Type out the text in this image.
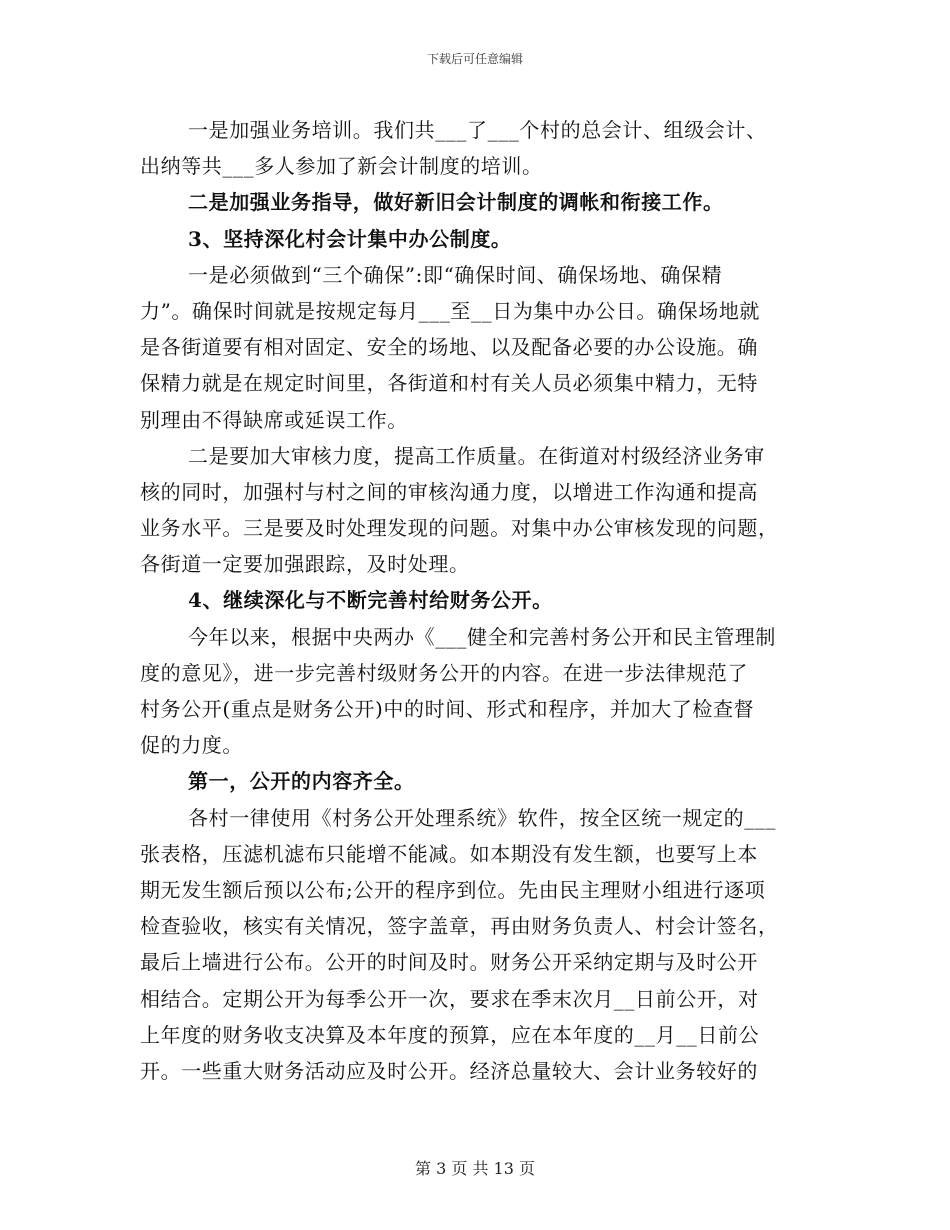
下载后可任意编辑
一是加强业务培训。我们共___了___个村的总会计、组级会计、
出纳等共___多人参加了新会计制度的培训。
二是加强业务指导，做好新旧会计制度的调帐和衔接工作。
3、坚持深化村会计集中办公制度。
一是必须做到“三个确保”:即“确保时间、确保场地、确保精
力”。确保时间就是按规定每月___至__日为集中办公日。确保场地就
是各街道要有相对固定、安全的场地、以及配备必要的办公设施。确
保精力就是在规定时间里，各街道和村有关人员必须集中精力，无特
别理由不得缺席或延误工作。
二是要加大审核力度，提高工作质量。在街道对村级经济业务审
核的同时，加强村与村之间的审核沟通力度，以增进工作沟通和提高
业务水平。三是要及时处理发现的问题。对集中办公审核发现的问题，
各街道一定要加强跟踪，及时处理。
4、继续深化与不断完善村给财务公开。
今年以来，根据中央两办《___健全和完善村务公开和民主管理制
度的意见》，进一步完善村级财务公开的内容。在进一步法律规范了
村务公开(重点是财务公开)中的时间、形式和程序，并加大了检查督
促的力度。
第一，公开的内容齐全。
各村一律使用《村务公开处理系统》软件，按全区统一规定的___
张表格，压滤机滤布只能增不能减。如本期没有发生额，也要写上本
期无发生额后预以公布;公开的程序到位。先由民主理财小组进行逐项
检查验收，核实有关情况，签字盖章，再由财务负责人、村会计签名，
最后上墙进行公布。公开的时间及时。财务公开采纳定期与及时公开
相结合。定期公开为每季公开一次，要求在季末次月__日前公开，对
上年度的财务收支决算及本年度的预算，应在本年度的__月__日前公
开。一些重大财务活动应及时公开。经济总量较大、会计业务较好的
第 3 页 共 13 页
